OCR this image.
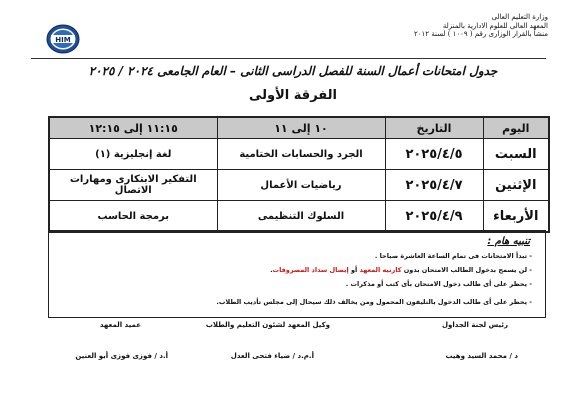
وزارة التعليم العالى
المعهد العالى للعلوم الادارية بالمنزلة
منشأ بالقرار الوزارى رقم ( ١٠٠٩ ) لسنة ٢٠١٢
HIM
جدول امتحانات أعمال السنة للفصل الدراسى الثانى – العام الجامعى ٢٠٢٤ / ٢٠٢٥
الفرقة الأولى
اليوم	التاريخ	١٠ إلى ١١	١١:١٥ إلى ١٢:١٥
السبت	٢٠٢٥/٤/٥	الجرد والحسابات الختامية	لغة إنجليزية (١)
الإثنين	٢٠٢٥/٤/٧	رياضيات الأعمال	التفكير الابتكارى ومهارات الاتصال
الأربعاء	٢٠٢٥/٤/٩	السلوك التنظيمى	برمجة الحاسب
تنبيه هام :
- تبدأ الامتحانات فى تمام الساعة العاشرة صباحا .
- لن يسمح بدخول الطالب الامتحان بدون كارنيه المعهد أو إيصال سداد المصروفات.
- يحظر على أى طالب دخول الامتحان بأى كتب أو مذكرات .
- يحظر على أى طالب الدخول بالتليفون المحمول ومن يخالف ذلك سيحال إلى مجلس تأديب الطلاب.
رئيس لجنة الجداول
د / محمد السيد وهيب
وكيل المعهد لشئون التعليم والطلاب
أ.م.د / ضياء فتحى العدل
عميد المعهد
أ.د / فوزى فوزى أبو العنين
